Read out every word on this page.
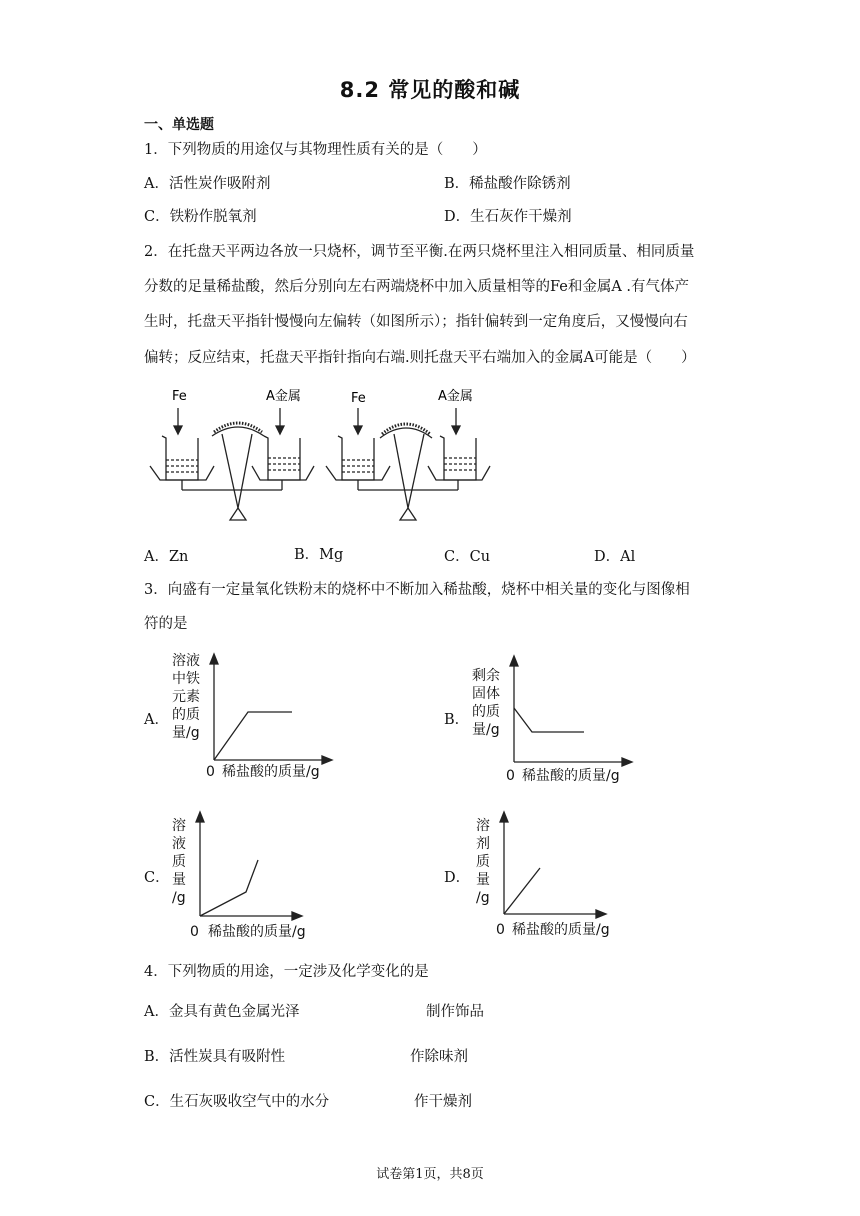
8.2 常见的酸和碱
一、单选题
1．下列物质的用途仅与其物理性质有关的是（　　）
A．活性炭作吸附剂	B．稀盐酸作除锈剂
C．铁粉作脱氧剂	D．生石灰作干燥剂
2．在托盘天平两边各放一只烧杯，调节至平衡.在两只烧杯里注入相同质量、相同质量
分数的足量稀盐酸，然后分别向左右两端烧杯中加入质量相等的Fe和金属A .有气体产
生时，托盘天平指针慢慢向左偏转（如图所示）；指针偏转到一定角度后，又慢慢向右
偏转；反应结束，托盘天平指针指向右端.则托盘天平右端加入的金属A可能是（　　）
Fe	A金属	Fe	A金属
A．Zn	B．Mg	C．Cu	D．Al
3．向盛有一定量氧化铁粉末的烧杯中不断加入稀盐酸，烧杯中相关量的变化与图像相
符的是
A．
溶液
中铁
元素
的质
量/g
0 稀盐酸的质量/g
B．
剩余
固体
的质
量/g
0 稀盐酸的质量/g
C．
溶
液
质
量
/g
0 稀盐酸的质量/g
D．
溶
剂
质
量
/g
0 稀盐酸的质量/g
4．下列物质的用途，一定涉及化学变化的是
A．金具有黄色金属光泽	制作饰品
B．活性炭具有吸附性	作除味剂
C．生石灰吸收空气中的水分	作干燥剂
试卷第1页，共8页
